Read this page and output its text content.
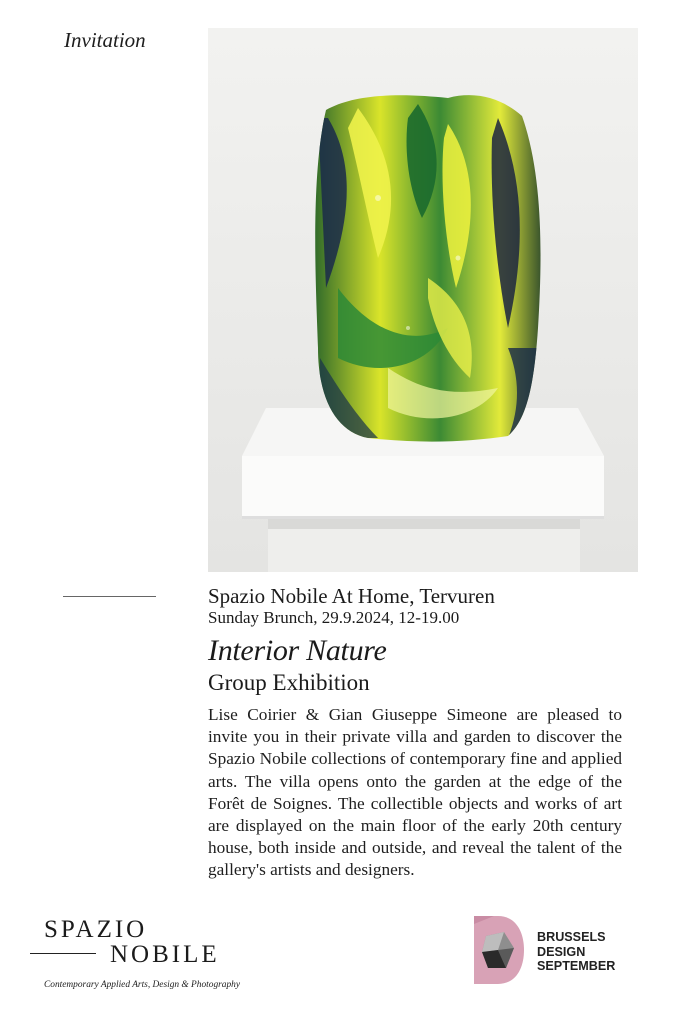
Invitation
Spazio Nobile At Home, Tervuren
Sunday Brunch, 29.9.2024, 12-19.00
Interior Nature
Group Exhibition
Lise Coirier & Gian Giuseppe Simeone are pleased to invite you in their private villa and garden to discover the Spazio Nobile collections of contemporary fine and applied arts. The villa opens onto the garden at the edge of the Forêt de Soignes. The collectible objects and works of art are displayed on the main floor of the early 20th century house, both inside and outside, and reveal the talent of the gallery's artists and designers.
SPAZIO
NOBILE
Contemporary Applied Arts, Design & Photography
BRUSSELS
DESIGN
SEPTEMBER
